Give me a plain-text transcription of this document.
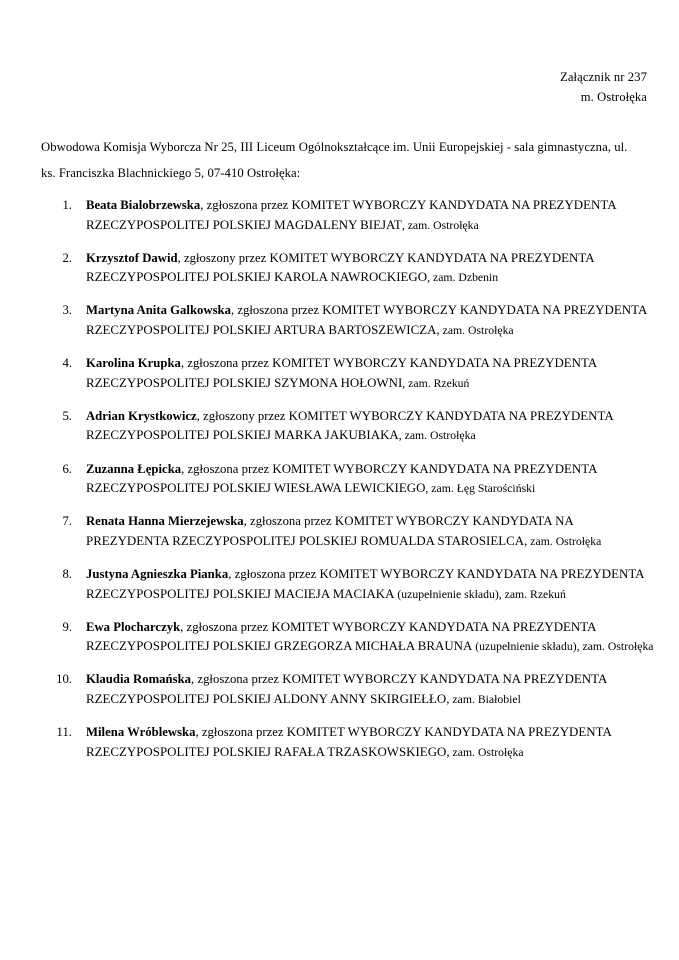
Załącznik nr 237
m. Ostrołęka

Obwodowa Komisja Wyborcza Nr 25, III Liceum Ogólnokształcące im. Unii Europejskiej - sala gimnastyczna, ul. ks. Franciszka Blachnickiego 5, 07-410 Ostrołęka:

1. Beata Bialobrzewska, zgłoszona przez KOMITET WYBORCZY KANDYDATA NA PREZYDENTA RZECZYPOSPOLITEJ POLSKIEJ MAGDALENY BIEJAT, zam. Ostrołęka
2. Krzysztof Dawid, zgłoszony przez KOMITET WYBORCZY KANDYDATA NA PREZYDENTA RZECZYPOSPOLITEJ POLSKIEJ KAROLA NAWROCKIEGO, zam. Dzbenin
3. Martyna Anita Galkowska, zgłoszona przez KOMITET WYBORCZY KANDYDATA NA PREZYDENTA RZECZYPOSPOLITEJ POLSKIEJ ARTURA BARTOSZEWICZA, zam. Ostrołęka
4. Karolina Krupka, zgłoszona przez KOMITET WYBORCZY KANDYDATA NA PREZYDENTA RZECZYPOSPOLITEJ POLSKIEJ SZYMONA HOŁOWNI, zam. Rzekuń
5. Adrian Krystkowicz, zgłoszony przez KOMITET WYBORCZY KANDYDATA NA PREZYDENTA RZECZYPOSPOLITEJ POLSKIEJ MARKA JAKUBIAKA, zam. Ostrołęka
6. Zuzanna Łępicka, zgłoszona przez KOMITET WYBORCZY KANDYDATA NA PREZYDENTA RZECZYPOSPOLITEJ POLSKIEJ WIESŁAWA LEWICKIEGO, zam. Łęg Starościński
7. Renata Hanna Mierzejewska, zgłoszona przez KOMITET WYBORCZY KANDYDATA NA PREZYDENTA RZECZYPOSPOLITEJ POLSKIEJ ROMUALDA STAROSIELCA, zam. Ostrołęka
8. Justyna Agnieszka Pianka, zgłoszona przez KOMITET WYBORCZY KANDYDATA NA PREZYDENTA RZECZYPOSPOLITEJ POLSKIEJ MACIEJA MACIAKA (uzupełnienie składu), zam. Rzekuń
9. Ewa Plocharczyk, zgłoszona przez KOMITET WYBORCZY KANDYDATA NA PREZYDENTA RZECZYPOSPOLITEJ POLSKIEJ GRZEGORZA MICHAŁA BRAUNA (uzupełnienie składu), zam. Ostrołęka
10. Klaudia Romańska, zgłoszona przez KOMITET WYBORCZY KANDYDATA NA PREZYDENTA RZECZYPOSPOLITEJ POLSKIEJ ALDONY ANNY SKIRGIEŁŁO, zam. Białobiel
11. Milena Wróblewska, zgłoszona przez KOMITET WYBORCZY KANDYDATA NA PREZYDENTA RZECZYPOSPOLITEJ POLSKIEJ RAFAŁA TRZASKOWSKIEGO, zam. Ostrołęka
